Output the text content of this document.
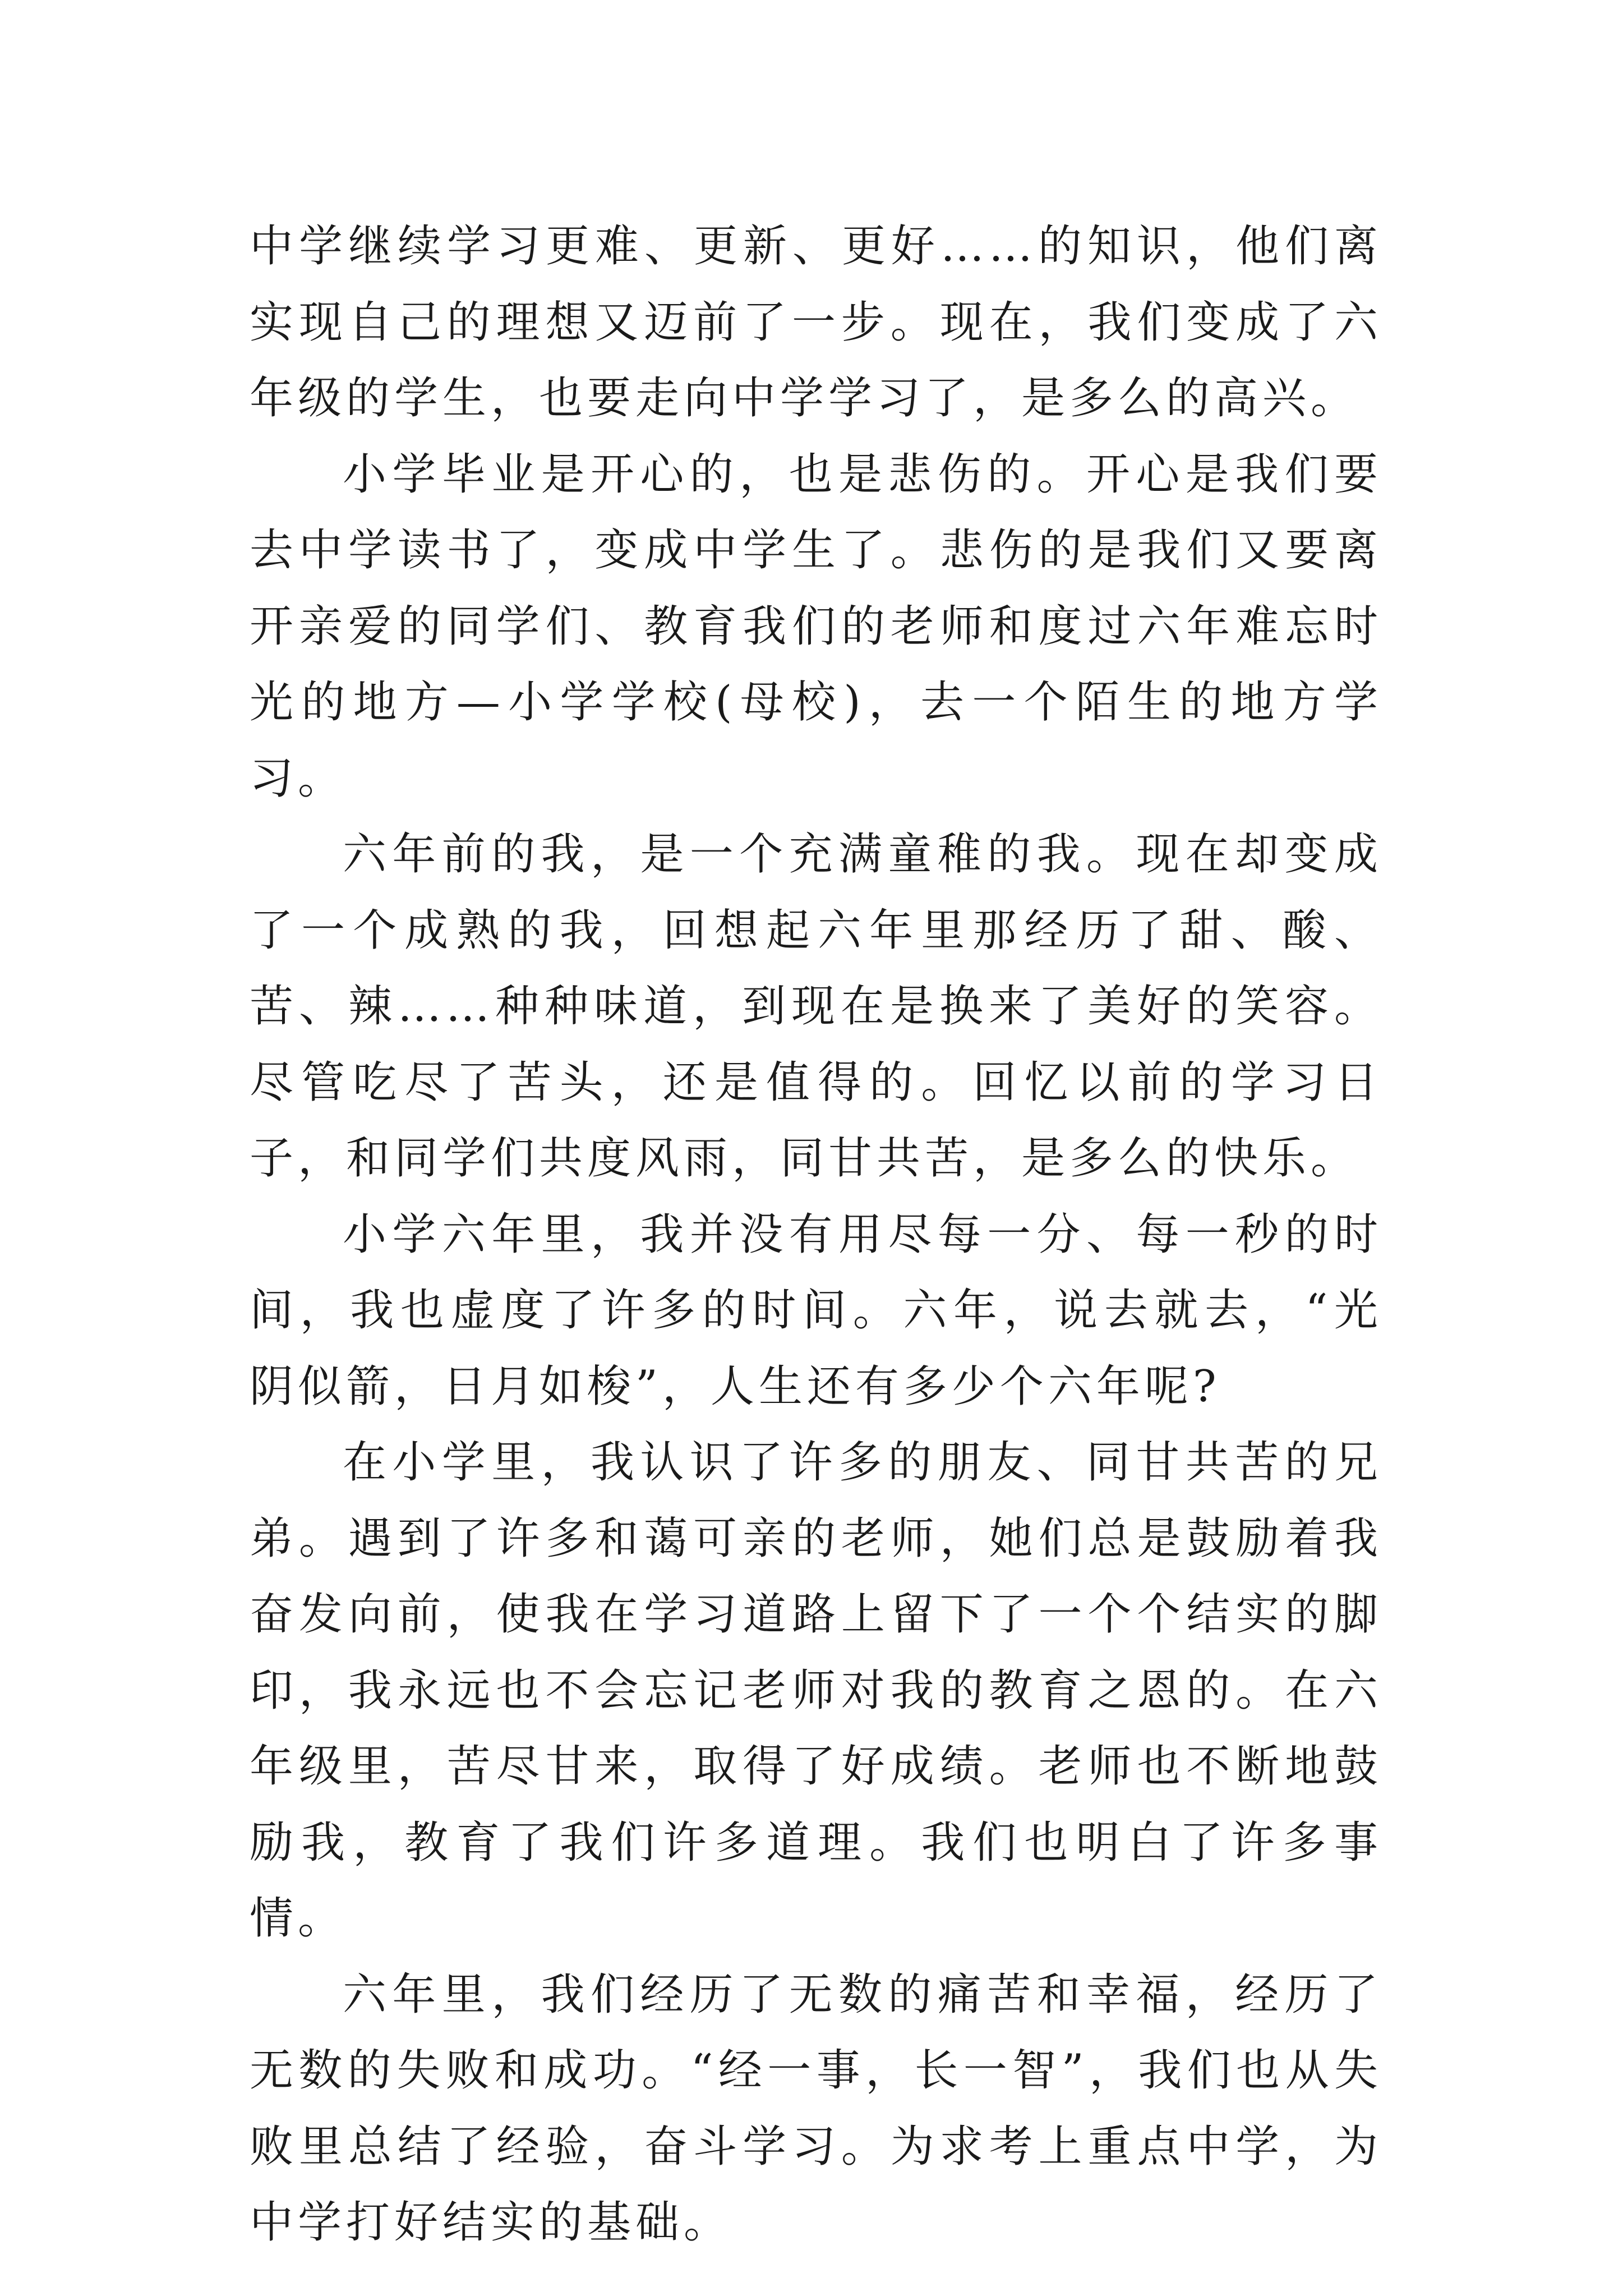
中学继续学习更难、更新、更好……的知识，他们离实现自己的理想又迈前了一步。现在，我们变成了六年级的学生，也要走向中学学习了，是多么的高兴。

小学毕业是开心的，也是悲伤的。开心是我们要去中学读书了，变成中学生了。悲伤的是我们又要离开亲爱的同学们、教育我们的老师和度过六年难忘时光的地方—小学学校(母校)，去一个陌生的地方学习。

六年前的我，是一个充满童稚的我。现在却变成了一个成熟的我，回想起六年里那经历了甜、酸、苦、辣……种种味道，到现在是换来了美好的笑容。尽管吃尽了苦头，还是值得的。回忆以前的学习日子，和同学们共度风雨，同甘共苦，是多么的快乐。

小学六年里，我并没有用尽每一分、每一秒的时间，我也虚度了许多的时间。六年，说去就去，“光阴似箭，日月如梭”，人生还有多少个六年呢?

在小学里，我认识了许多的朋友、同甘共苦的兄弟。遇到了许多和蔼可亲的老师，她们总是鼓励着我奋发向前，使我在学习道路上留下了一个个结实的脚印，我永远也不会忘记老师对我的教育之恩的。在六年级里，苦尽甘来，取得了好成绩。老师也不断地鼓励我，教育了我们许多道理。我们也明白了许多事情。

六年里，我们经历了无数的痛苦和幸福，经历了无数的失败和成功。“经一事，长一智”，我们也从失败里总结了经验，奋斗学习。为求考上重点中学，为中学打好结实的基础。
